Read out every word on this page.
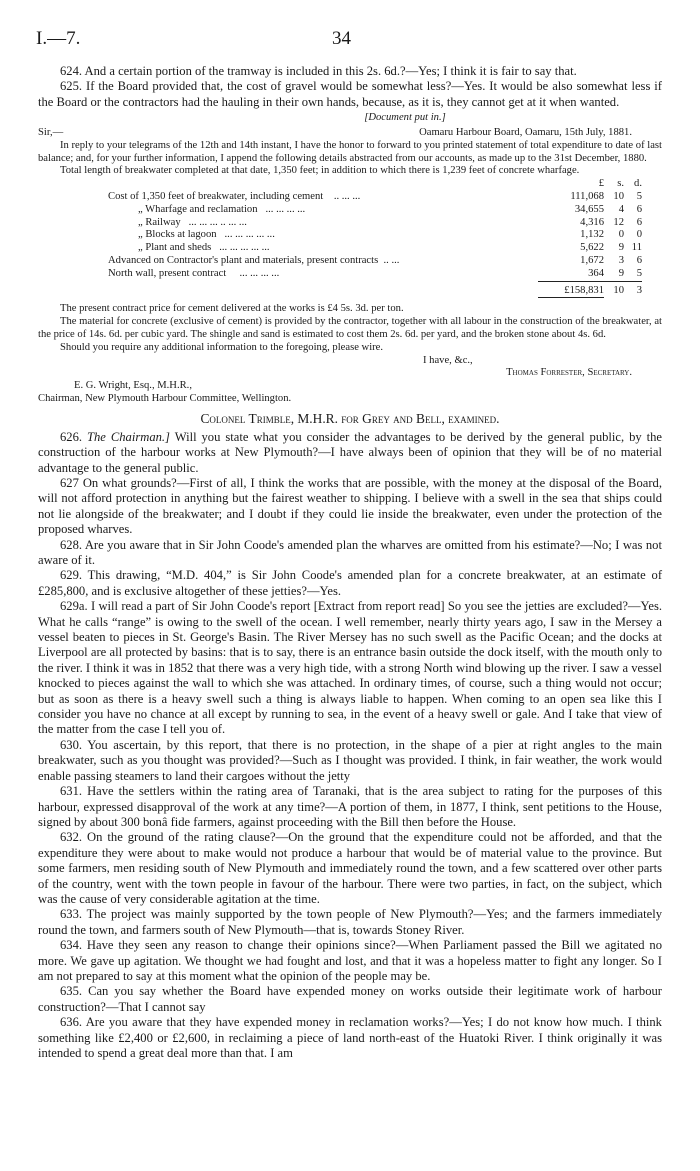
I.—7.	34

624. And a certain portion of the tramway is included in this 2s. 6d.?—Yes; I think it is fair to say that.

625. If the Board provided that, the cost of gravel would be somewhat less?—Yes. It would be also somewhat less if the Board or the contractors had the hauling in their own hands, because, as it is, they cannot get at it when wanted.

[Document put in.]

Sir,—	Oamaru Harbour Board, Oamaru, 15th July, 1881.

In reply to your telegrams of the 12th and 14th instant, I have the honor to forward to you printed statement of total expenditure to date of last balance; and, for your further information, I append the following details abstracted from our accounts, as made up to the 31st December, 1880.

Total length of breakwater completed at that date, 1,350 feet; in addition to which there is 1,239 feet of concrete wharfage.

	£	s.	d.
Cost of 1,350 feet of breakwater, including cement .. ... ...	111,068	10	5
„ Wharfage and reclamation ... ... ... ...	34,655	4	6
„ Railway ... ... ... .. ... ...	4,316	12	6
„ Blocks at lagoon ... ... ... ... ...	1,132	0	0
„ Plant and sheds ... ... ... ... ...	5,622	9	11
Advanced on Contractor's plant and materials, present contracts .. ...	1,672	3	6
North wall, present contract ... ... ... ...	364	9	5
	£158,831	10	3

The present contract price for cement delivered at the works is £4 5s. 3d. per ton.

The material for concrete (exclusive of cement) is provided by the contractor, together with all labour in the construction of the breakwater, at the price of 14s. 6d. per cubic yard. The shingle and sand is estimated to cost them 2s. 6d. per yard, and the broken stone about 4s. 6d.

Should you require any additional information to the foregoing, please wire.

I have, &c.,

Thomas Forrester, Secretary.

E. G. Wright, Esq., M.H.R.,

Chairman, New Plymouth Harbour Committee, Wellington.

Colonel Trimble, M.H.R. for Grey and Bell, examined.

626. The Chairman.] Will you state what you consider the advantages to be derived by the general public, by the construction of the harbour works at New Plymouth?—I have always been of opinion that they will be of no material advantage to the general public.

627 On what grounds?—First of all, I think the works that are possible, with the money at the disposal of the Board, will not afford protection in anything but the fairest weather to shipping. I believe with a swell in the sea that ships could not lie alongside of the breakwater; and I doubt if they could lie inside the breakwater, even under the protection of the proposed wharves.

628. Are you aware that in Sir John Coode's amended plan the wharves are omitted from his estimate?—No; I was not aware of it.

629. This drawing, “M.D. 404,” is Sir John Coode's amended plan for a concrete breakwater, at an estimate of £285,800, and is exclusive altogether of these jetties?—Yes.

629a. I will read a part of Sir John Coode's report [Extract from report read] So you see the jetties are excluded?—Yes. What he calls “range” is owing to the swell of the ocean. I well remember, nearly thirty years ago, I saw in the Mersey a vessel beaten to pieces in St. George's Basin. The River Mersey has no such swell as the Pacific Ocean; and the docks at Liverpool are all protected by basins: that is to say, there is an entrance basin outside the dock itself, with the mouth only to the river. I think it was in 1852 that there was a very high tide, with a strong North wind blowing up the river. I saw a vessel knocked to pieces against the wall to which she was attached. In ordinary times, of course, such a thing would not occur; but as soon as there is a heavy swell such a thing is always liable to happen. When coming to an open sea like this I consider you have no chance at all except by running to sea, in the event of a heavy swell or gale. And I take that view of the matter from the case I tell you of.

630. You ascertain, by this report, that there is no protection, in the shape of a pier at right angles to the main breakwater, such as you thought was provided?—Such as I thought was provided. I think, in fair weather, the work would enable passing steamers to land their cargoes without the jetty

631. Have the settlers within the rating area of Taranaki, that is the area subject to rating for the purposes of this harbour, expressed disapproval of the work at any time?—A portion of them, in 1877, I think, sent petitions to the House, signed by about 300 bonâ fide farmers, against proceeding with the Bill then before the House.

632. On the ground of the rating clause?—On the ground that the expenditure could not be afforded, and that the expenditure they were about to make would not produce a harbour that would be of material value to the province. But some farmers, men residing south of New Plymouth and immediately round the town, and a few scattered over other parts of the country, went with the town people in favour of the harbour. There were two parties, in fact, on the subject, which was the cause of very considerable agitation at the time.

633. The project was mainly supported by the town people of New Plymouth?—Yes; and the farmers immediately round the town, and farmers south of New Plymouth—that is, towards Stoney River.

634. Have they seen any reason to change their opinions since?—When Parliament passed the Bill we agitated no more. We gave up agitation. We thought we had fought and lost, and that it was a hopeless matter to fight any longer. So I am not prepared to say at this moment what the opinion of the people may be.

635. Can you say whether the Board have expended money on works outside their legitimate work of harbour construction?—That I cannot say

636. Are you aware that they have expended money in reclamation works?—Yes; I do not know how much. I think something like £2,400 or £2,600, in reclaiming a piece of land north-east of the Huatoki River. I think originally it was intended to spend a great deal more than that. I am
